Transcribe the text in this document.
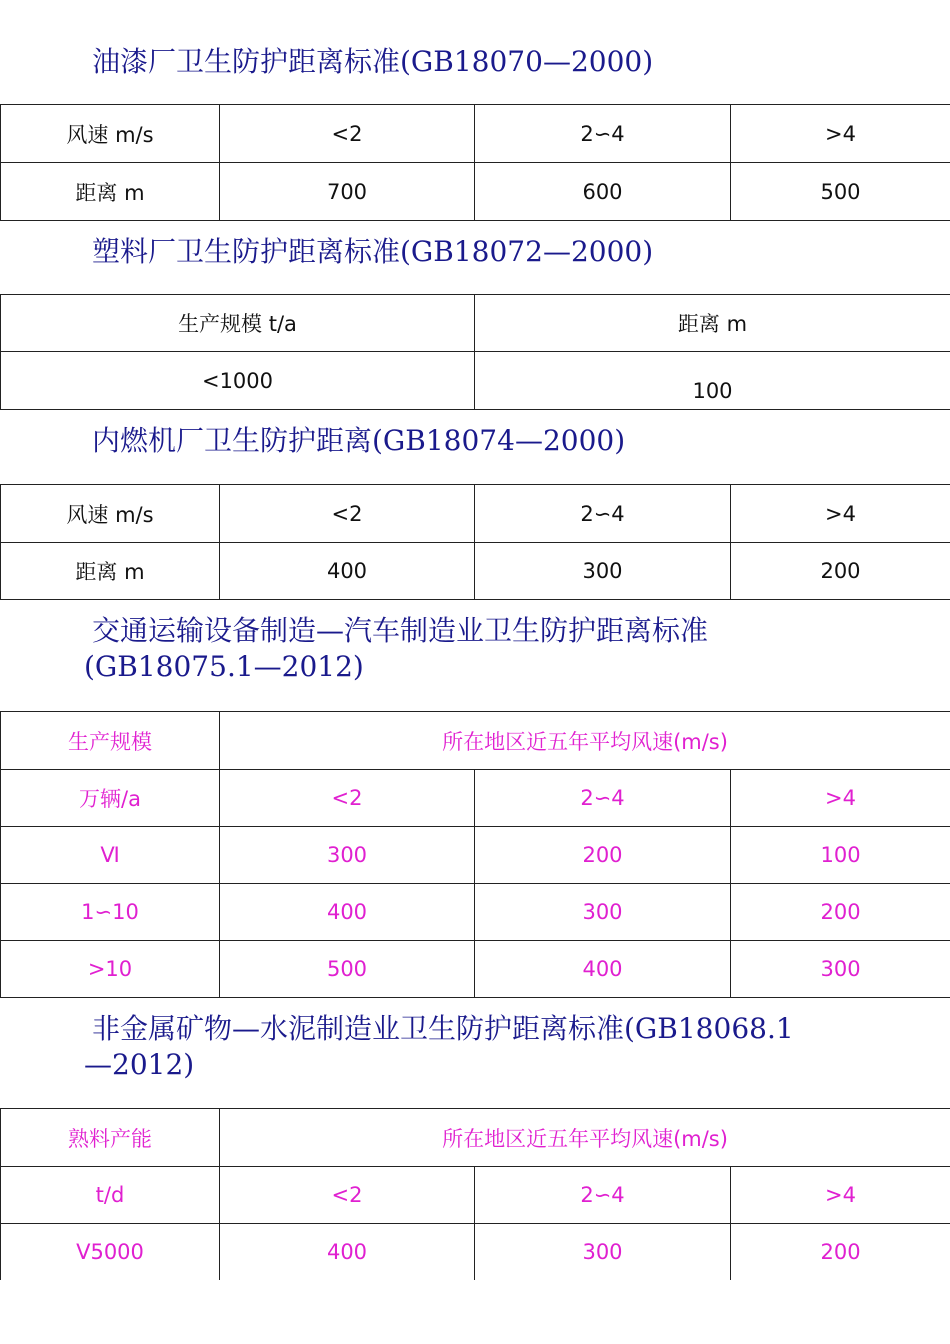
油漆厂卫生防护距离标准(GB18070—2000)
风速 m/s	<2	2∽4	>4
距离 m	700	600	500
塑料厂卫生防护距离标准(GB18072—2000)
生产规模 t/a	距离 m
<1000	100
内燃机厂卫生防护距离(GB18074—2000)
风速 m/s	<2	2∽4	>4
距离 m	400	300	200
交通运输设备制造—汽车制造业卫生防护距离标准
(GB18075.1—2012)
生产规模	所在地区近五年平均风速(m/s)		
万辆/a	<2	2∽4	>4
Ⅵ	300	200	100
1∽10	400	300	200
>10	500	400	300
非金属矿物—水泥制造业卫生防护距离标准(GB18068.1
—2012)
熟料产能	所在地区近五年平均风速(m/s)		
t/d	<2	2∽4	>4
V5000	400	300	200
